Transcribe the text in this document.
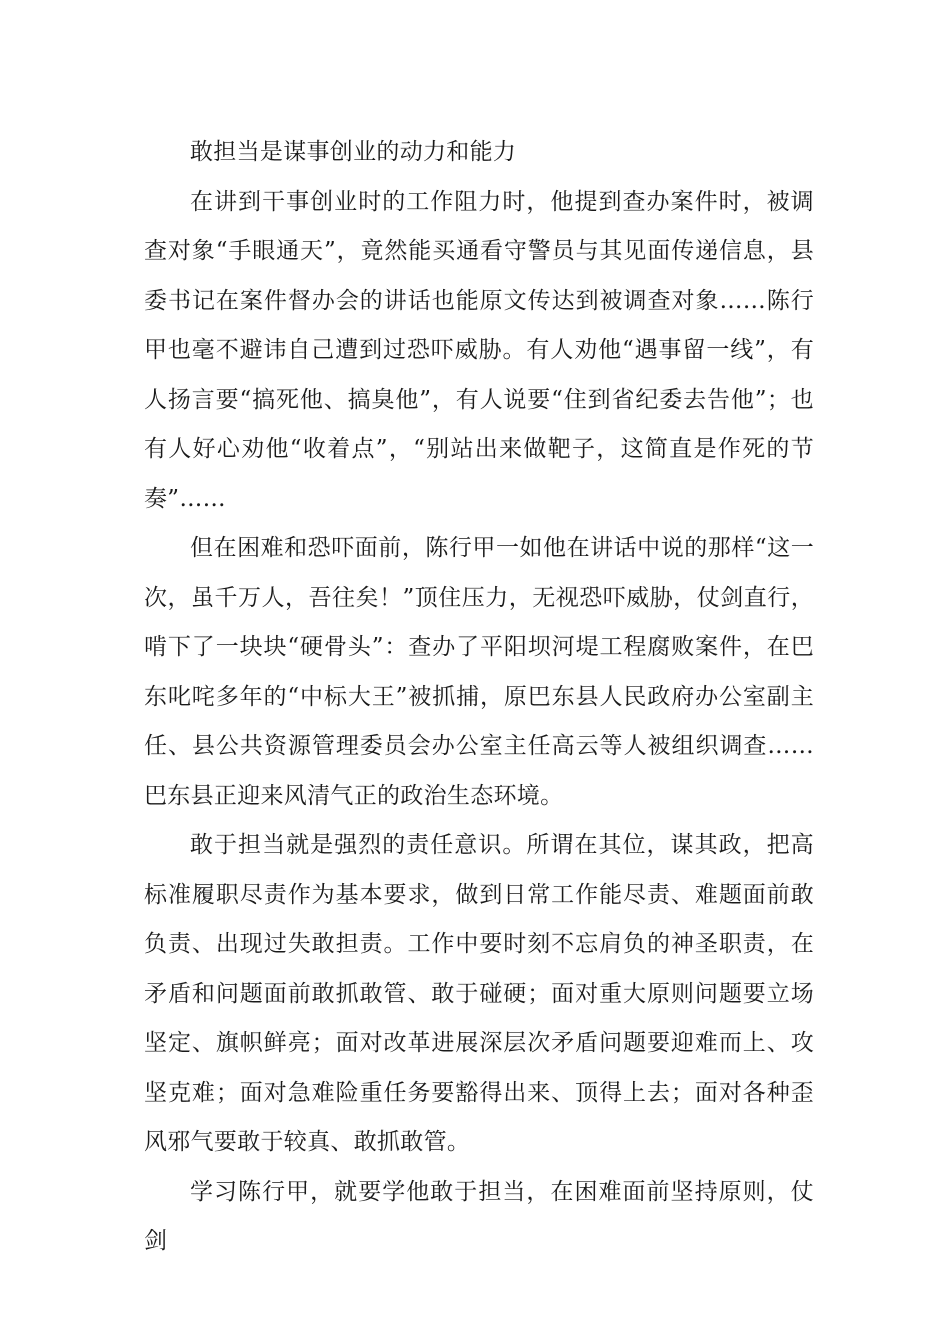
敢担当是谋事创业的动力和能力

在讲到干事创业时的工作阻力时，他提到查办案件时，被调查对象“手眼通天”，竟然能买通看守警员与其见面传递信息，县委书记在案件督办会的讲话也能原文传达到被调查对象……陈行甲也毫不避讳自己遭到过恐吓威胁。有人劝他“遇事留一线”，有人扬言要“搞死他、搞臭他”，有人说要“住到省纪委去告他”；也有人好心劝他“收着点”，“别站出来做靶子，这简直是作死的节奏”……

但在困难和恐吓面前，陈行甲一如他在讲话中说的那样“这一次，虽千万人，吾往矣！”顶住压力，无视恐吓威胁，仗剑直行，啃下了一块块“硬骨头”：查办了平阳坝河堤工程腐败案件，在巴东叱咤多年的“中标大王”被抓捕，原巴东县人民政府办公室副主任、县公共资源管理委员会办公室主任高云等人被组织调查……巴东县正迎来风清气正的政治生态环境。

敢于担当就是强烈的责任意识。所谓在其位，谋其政，把高标准履职尽责作为基本要求，做到日常工作能尽责、难题面前敢负责、出现过失敢担责。工作中要时刻不忘肩负的神圣职责，在矛盾和问题面前敢抓敢管、敢于碰硬；面对重大原则问题要立场坚定、旗帜鲜亮；面对改革进展深层次矛盾问题要迎难而上、攻坚克难；面对急难险重任务要豁得出来、顶得上去；面对各种歪风邪气要敢于较真、敢抓敢管。

学习陈行甲，就要学他敢于担当，在困难面前坚持原则，仗剑
